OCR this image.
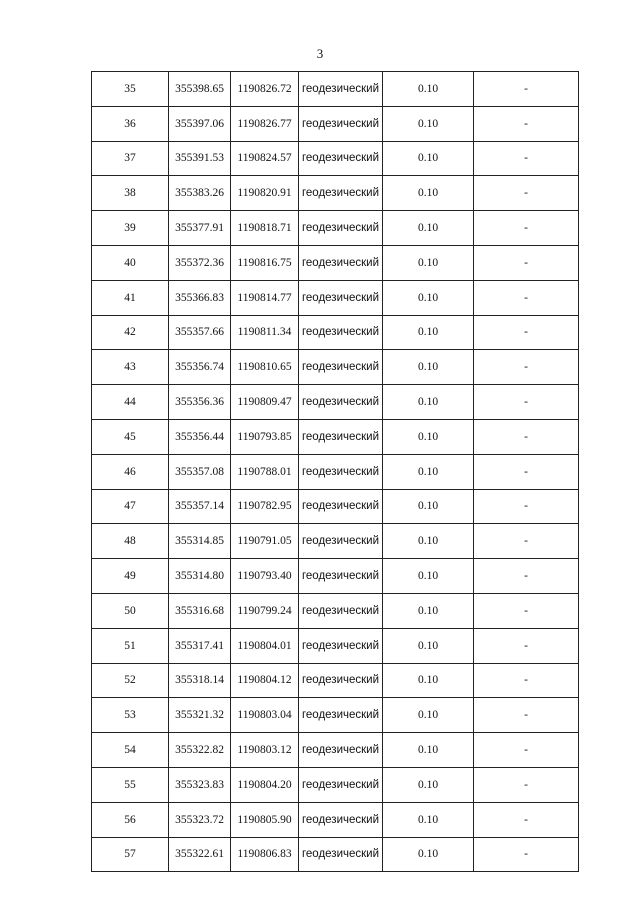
3
35	355398.65	1190826.72	геодезический	0.10	-
36	355397.06	1190826.77	геодезический	0.10	-
37	355391.53	1190824.57	геодезический	0.10	-
38	355383.26	1190820.91	геодезический	0.10	-
39	355377.91	1190818.71	геодезический	0.10	-
40	355372.36	1190816.75	геодезический	0.10	-
41	355366.83	1190814.77	геодезический	0.10	-
42	355357.66	1190811.34	геодезический	0.10	-
43	355356.74	1190810.65	геодезический	0.10	-
44	355356.36	1190809.47	геодезический	0.10	-
45	355356.44	1190793.85	геодезический	0.10	-
46	355357.08	1190788.01	геодезический	0.10	-
47	355357.14	1190782.95	геодезический	0.10	-
48	355314.85	1190791.05	геодезический	0.10	-
49	355314.80	1190793.40	геодезический	0.10	-
50	355316.68	1190799.24	геодезический	0.10	-
51	355317.41	1190804.01	геодезический	0.10	-
52	355318.14	1190804.12	геодезический	0.10	-
53	355321.32	1190803.04	геодезический	0.10	-
54	355322.82	1190803.12	геодезический	0.10	-
55	355323.83	1190804.20	геодезический	0.10	-
56	355323.72	1190805.90	геодезический	0.10	-
57	355322.61	1190806.83	геодезический	0.10	-
